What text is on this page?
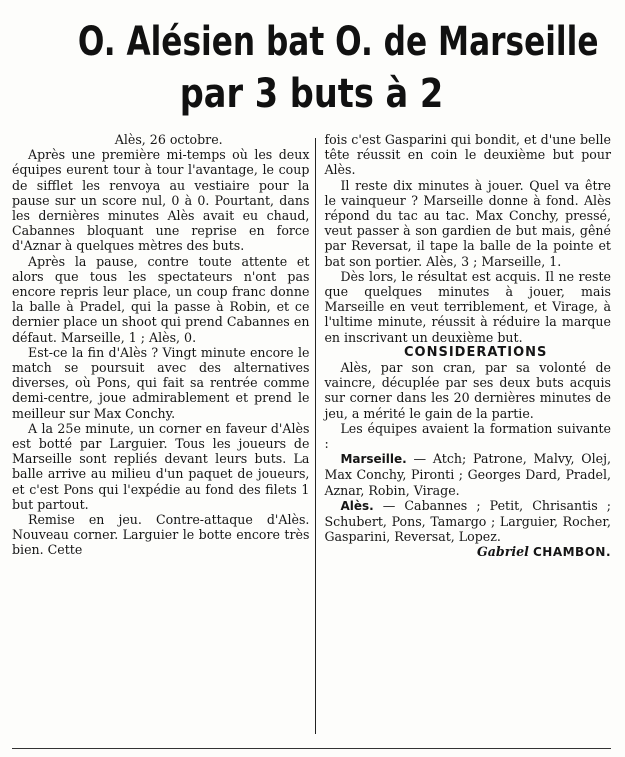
O. Alésien bat O. de Marseille
par 3 buts à 2

Alès, 26 octobre.

Après une première mi-temps où les deux équipes eurent tour à tour l'avantage, le coup de sifflet les renvoya au vestiaire pour la pause sur un score nul, 0 à 0. Pourtant, dans les dernières minutes Alès avait eu chaud, Cabannes bloquant une reprise en force d'Aznar à quelques mètres des buts.

Après la pause, contre toute attente et alors que tous les spectateurs n'ont pas encore repris leur place, un coup franc donne la balle à Pradel, qui la passe à Robin, et ce dernier place un shoot qui prend Cabannes en défaut. Marseille, 1 ; Alès, 0.

Est-ce la fin d'Alès ? Vingt minute encore le match se poursuit avec des alternatives diverses, où Pons, qui fait sa rentrée comme demi-centre, joue admirablement et prend le meilleur sur Max Conchy.

A la 25e minute, un corner en faveur d'Alès est botté par Larguier. Tous les joueurs de Marseille sont repliés devant leurs buts. La balle arrive au milieu d'un paquet de joueurs, et c'est Pons qui l'expédie au fond des filets 1 but partout.

Remise en jeu. Contre-attaque d'Alès. Nouveau corner. Larguier le botte encore très bien. Cette

fois c'est Gasparini qui bondit, et d'une belle tête réussit en coin le deuxième but pour Alès.

Il reste dix minutes à jouer. Quel va être le vainqueur ? Marseille donne à fond. Alès répond du tac au tac. Max Conchy, pressé, veut passer à son gardien de but mais, gêné par Reversat, il tape la balle de la pointe et bat son portier. Alès, 3 ; Marseille, 1.

Dès lors, le résultat est acquis. Il ne reste que quelques minutes à jouer, mais Marseille en veut terriblement, et Virage, à l'ultime minute, réussit à réduire la marque en inscrivant un deuxième but.

CONSIDERATIONS

Alès, par son cran, par sa volonté de vaincre, décuplée par ses deux buts acquis sur corner dans les 20 dernières minutes de jeu, a mérité le gain de la partie.

Les équipes avaient la formation suivante :

Marseille. — Atch; Patrone, Malvy, Olej, Max Conchy, Pironti ; Georges Dard, Pradel, Aznar, Robin, Virage.

Alès. — Cabannes ; Petit, Chrisantis ; Schubert, Pons, Tamargo ; Larguier, Rocher, Gasparini, Reversat, Lopez.

Gabriel CHAMBON.
